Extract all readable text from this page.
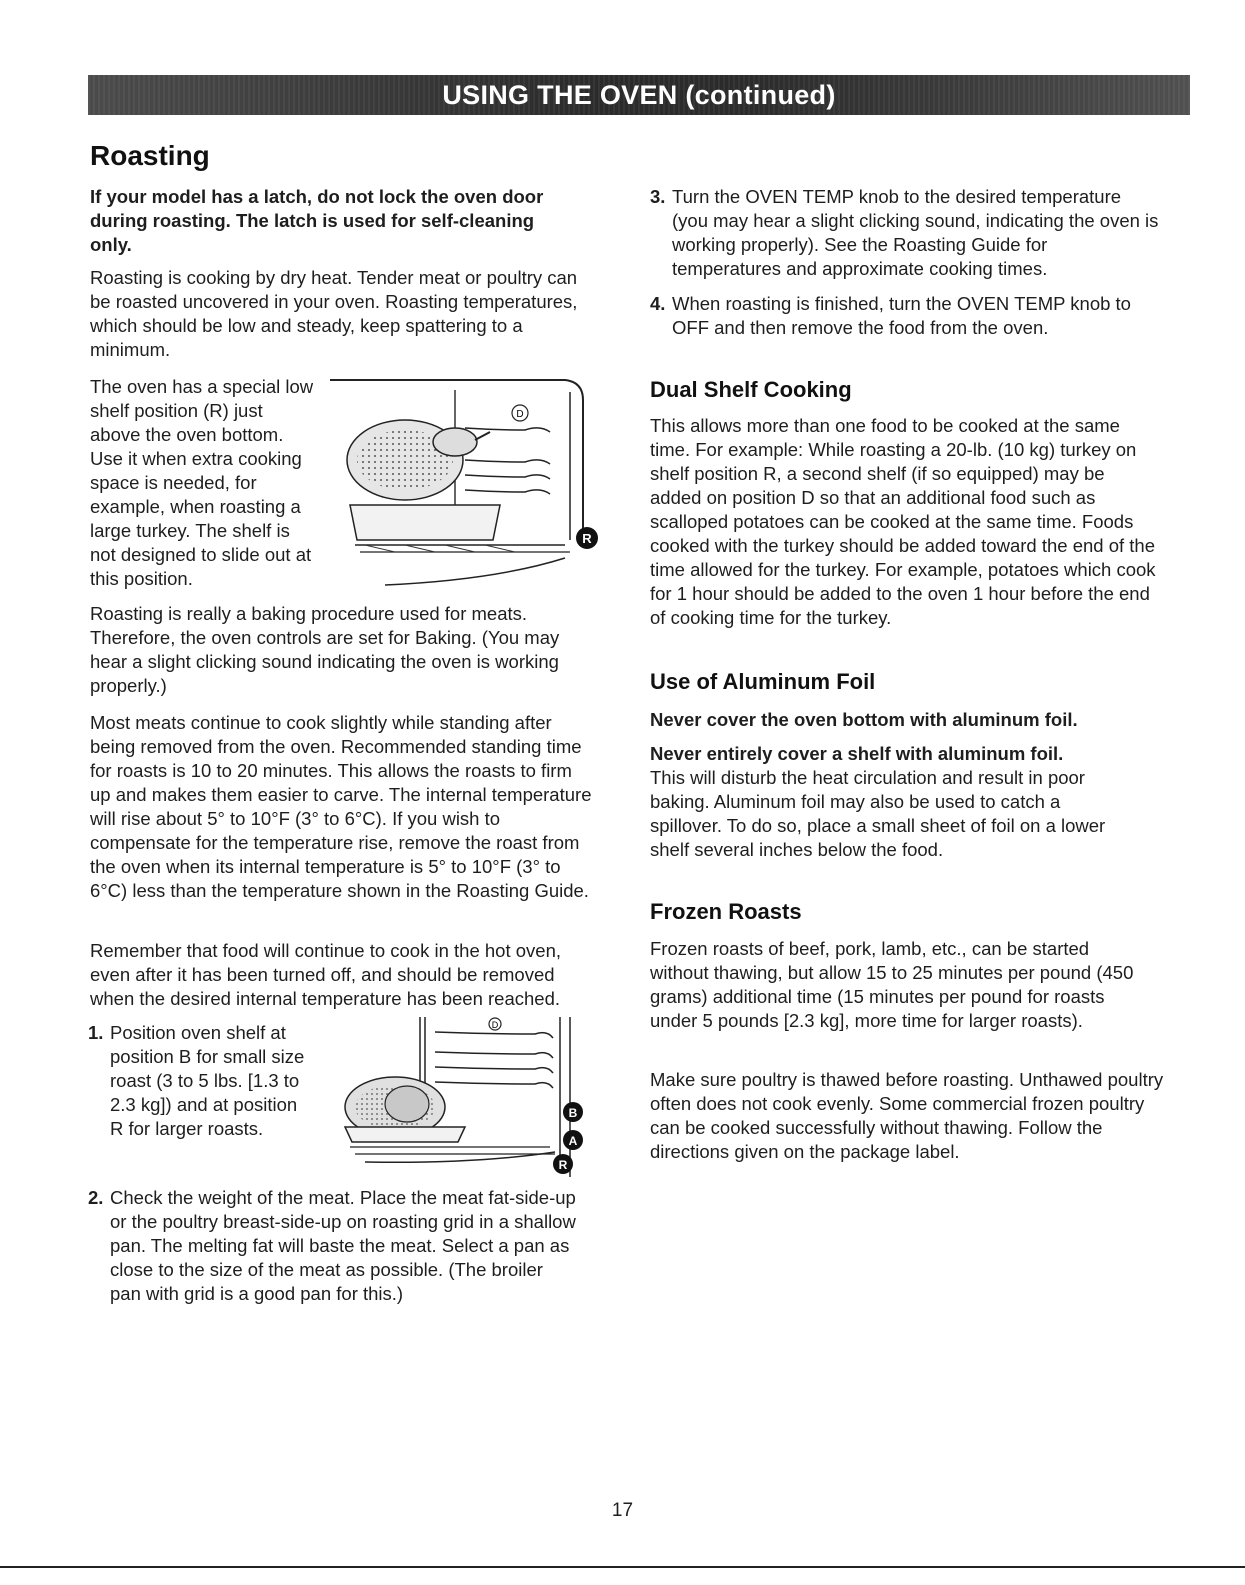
USING THE OVEN (continued)
Roasting

If your model has a latch, do not lock the oven door during roasting. The latch is used for self-cleaning only.

Roasting is cooking by dry heat. Tender meat or poultry can be roasted uncovered in your oven. Roasting temperatures, which should be low and steady, keep spattering to a minimum.

The oven has a special low shelf position (R) just above the oven bottom. Use it when extra cooking space is needed, for example, when roasting a large turkey. The shelf is not designed to slide out at this position.

D
R

Roasting is really a baking procedure used for meats. Therefore, the oven controls are set for Baking. (You may hear a slight clicking sound indicating the oven is working properly.)

Most meats continue to cook slightly while standing after being removed from the oven. Recommended standing time for roasts is 10 to 20 minutes. This allows the roasts to firm up and makes them easier to carve. The internal temperature will rise about 5° to 10°F (3° to 6°C). If you wish to compensate for the temperature rise, remove the roast from the oven when its internal temperature is 5° to 10°F (3° to 6°C) less than the temperature shown in the Roasting Guide.

Remember that food will continue to cook in the hot oven, even after it has been turned off, and should be removed when the desired internal temperature has been reached.

1. Position oven shelf at position B for small size roast (3 to 5 lbs. [1.3 to 2.3 kg]) and at position R for larger roasts.

D
B
A
R
2. Check the weight of the meat. Place the meat fat-side-up or the poultry breast-side-up on roasting grid in a shallow pan. The melting fat will baste the meat. Select a pan as close to the size of the meat as possible. (The broiler pan with grid is a good pan for this.)

3. Turn the OVEN TEMP knob to the desired temperature (you may hear a slight clicking sound, indicating the oven is working properly). See the Roasting Guide for temperatures and approximate cooking times.

4. When roasting is finished, turn the OVEN TEMP knob to OFF and then remove the food from the oven.

Dual Shelf Cooking

This allows more than one food to be cooked at the same time. For example: While roasting a 20-lb. (10 kg) turkey on shelf position R, a second shelf (if so equipped) may be added on position D so that an additional food such as scalloped potatoes can be cooked at the same time. Foods cooked with the turkey should be added toward the end of the time allowed for the turkey. For example, potatoes which cook for 1 hour should be added to the oven 1 hour before the end of cooking time for the turkey.

Use of Aluminum Foil

Never cover the oven bottom with aluminum foil.

Never entirely cover a shelf with aluminum foil.

This will disturb the heat circulation and result in poor baking. Aluminum foil may also be used to catch a spillover. To do so, place a small sheet of foil on a lower shelf several inches below the food.

Frozen Roasts

Frozen roasts of beef, pork, lamb, etc., can be started without thawing, but allow 15 to 25 minutes per pound (450 grams) additional time (15 minutes per pound for roasts under 5 pounds [2.3 kg], more time for larger roasts).

Make sure poultry is thawed before roasting. Unthawed poultry often does not cook evenly. Some commercial frozen poultry can be cooked successfully without thawing. Follow the directions given on the package label.

17
